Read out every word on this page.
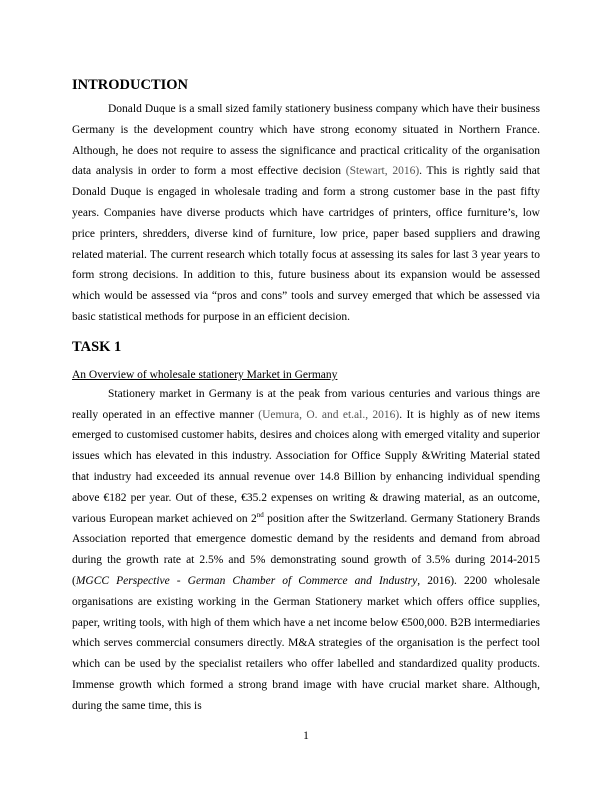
INTRODUCTION

Donald Duque is a small sized family stationery business company which have their business Germany is the development country which have strong economy situated in Northern France. Although, he does not require to assess the significance and practical criticality of the organisation data analysis in order to form a most effective decision (Stewart, 2016). This is rightly said that Donald Duque is engaged in wholesale trading and form a strong customer base in the past fifty years. Companies have diverse products which have cartridges of printers, office furniture’s, low price printers, shredders, diverse kind of furniture, low price, paper based suppliers and drawing related material. The current research which totally focus at assessing its sales for last 3 year years to form strong decisions. In addition to this, future business about its expansion would be assessed which would be assessed via “pros and cons” tools and survey emerged that which be assessed via basic statistical methods for purpose in an efficient decision.

TASK 1
An Overview of wholesale stationery Market in Germany

Stationery market in Germany is at the peak from various centuries and various things are really operated in an effective manner (Uemura, O. and et.al., 2016). It is highly as of new items emerged to customised customer habits, desires and choices along with emerged vitality and superior issues which has elevated in this industry. Association for Office Supply &Writing Material stated that industry had exceeded its annual revenue over 14.8 Billion by enhancing individual spending above €182 per year. Out of these, €35.2 expenses on writing & drawing material, as an outcome, various European market achieved on 2nd position after the Switzerland. Germany Stationery Brands Association reported that emergence domestic demand by the residents and demand from abroad during the growth rate at 2.5% and 5% demonstrating sound growth of 3.5% during 2014-2015 (MGCC Perspective - German Chamber of Commerce and Industry, 2016). 2200 wholesale organisations are existing working in the German Stationery market which offers office supplies, paper, writing tools, with high of them which have a net income below €500,000. B2B intermediaries which serves commercial consumers directly. M&A strategies of the organisation is the perfect tool which can be used by the specialist retailers who offer labelled and standardized quality products. Immense growth which formed a strong brand image with have crucial market share. Although, during the same time, this is

1
